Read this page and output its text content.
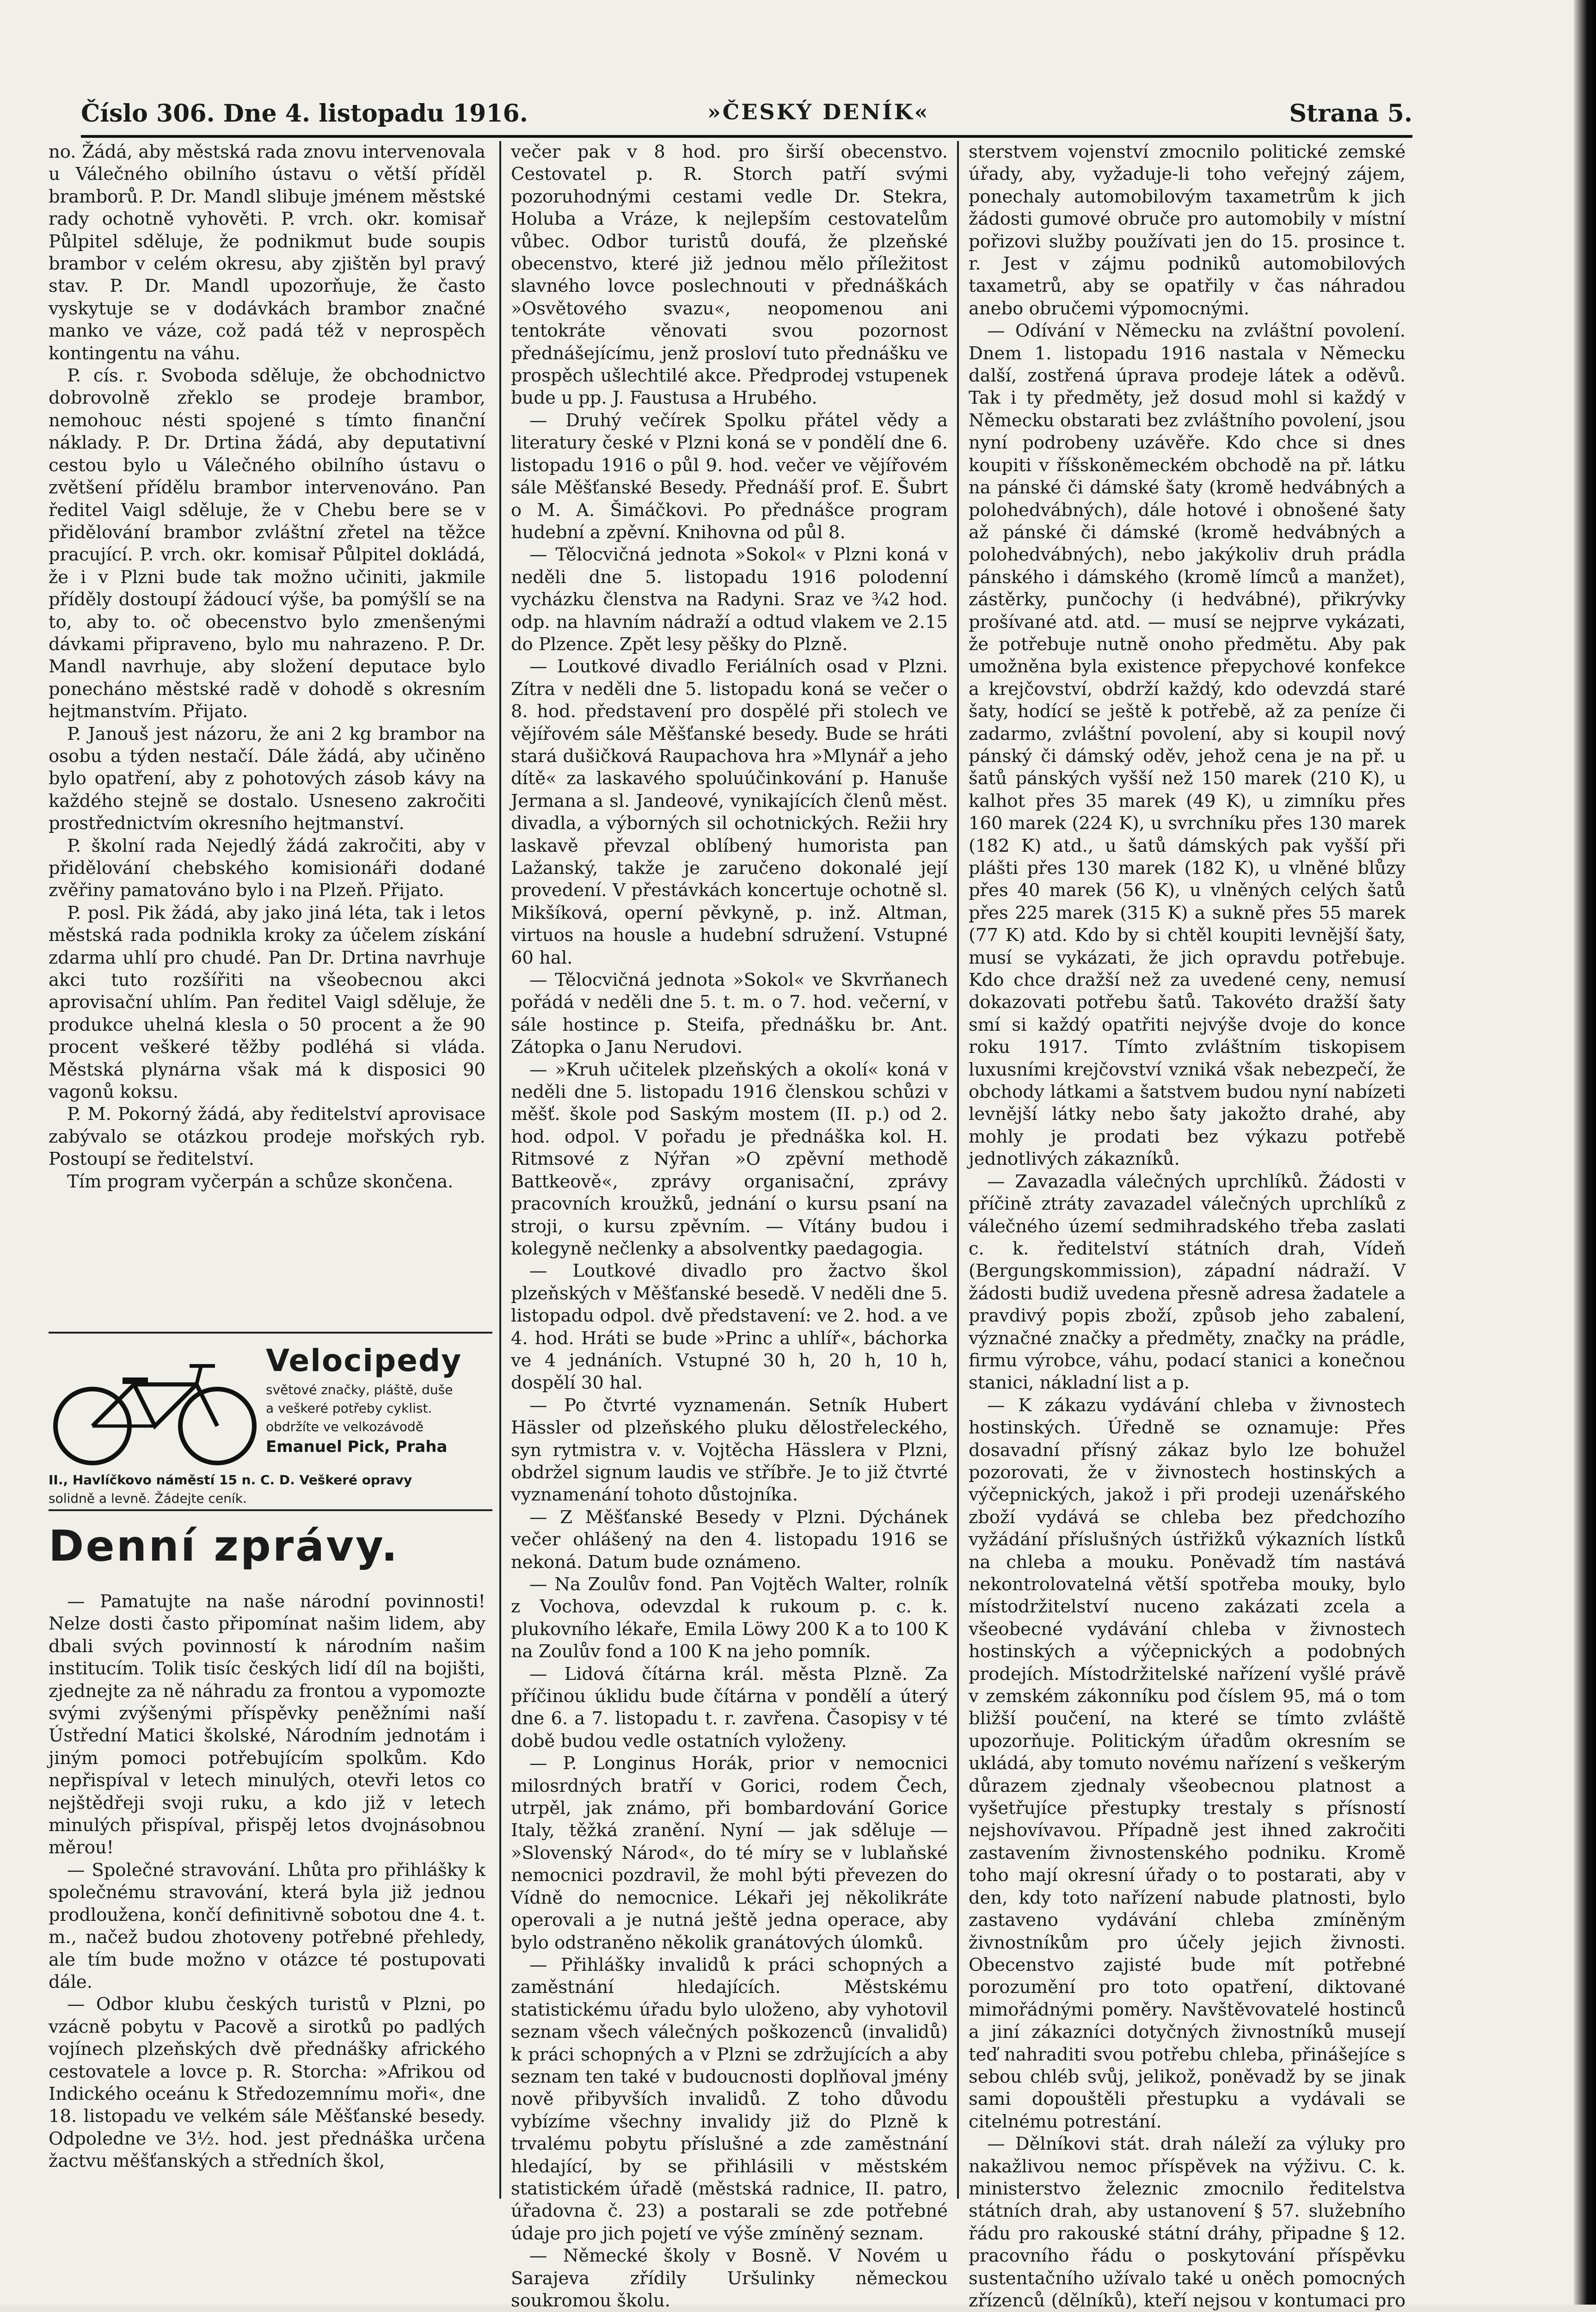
Číslo 306. Dne 4. listopadu 1916.	»ČESKÝ DENÍK«	Strana 5.

no. Žádá, aby městská rada znovu intervenovala u Válečného obilního ústavu o větší příděl bramborů. P. Dr. Mandl slibuje jménem městské rady ochotně vyhověti. P. vrch. okr. komisař Půlpitel sděluje, že podnikmut bude soupis brambor v celém okresu, aby zjištěn byl pravý stav. P. Dr. Mandl upozorňuje, že často vyskytuje se v dodávkách brambor značné manko ve váze, což padá též v neprospěch kontingentu na váhu.

P. cís. r. Svoboda sděluje, že obchodnictvo dobrovolně zřeklo se prodeje brambor, nemohouc nésti spojené s tímto finanční náklady. P. Dr. Drtina žádá, aby deputativní cestou bylo u Válečného obilního ústavu o zvětšení přídělu brambor intervenováno. Pan ředitel Vaigl sděluje, že v Chebu bere se v přidělování brambor zvláštní zřetel na těžce pracující. P. vrch. okr. komisař Půlpitel dokládá, že i v Plzni bude tak možno učiniti, jakmile příděly dostoupí žádoucí výše, ba pomýšlí se na to, aby to. oč obecenstvo bylo zmenšenými dávkami připraveno, bylo mu nahrazeno. P. Dr. Mandl navrhuje, aby složení deputace bylo ponecháno městské radě v dohodě s okresním hejtmanstvím. Přijato.

P. Janouš jest názoru, že ani 2 kg brambor na osobu a týden nestačí. Dále žádá, aby učiněno bylo opatření, aby z pohotových zásob kávy na každého stejně se dostalo. Usneseno zakročiti prostřednictvím okresního hejtmanství.

P. školní rada Nejedlý žádá zakročiti, aby v přidělování chebského komisionáři dodané zvěřiny pamatováno bylo i na Plzeň. Přijato.

P. posl. Pik žádá, aby jako jiná léta, tak i letos městská rada podnikla kroky za účelem získání zdarma uhlí pro chudé. Pan Dr. Drtina navrhuje akci tuto rozšířiti na všeobecnou akci aprovisační uhlím. Pan ředitel Vaigl sděluje, že produkce uhelná klesla o 50 procent a že 90 procent veškeré těžby podléhá si vláda. Městská plynárna však má k disposici 90 vagonů koksu.

P. M. Pokorný žádá, aby ředitelství aprovisace zabývalo se otázkou prodeje mořských ryb. Postoupí se ředitelství.

Tím program vyčerpán a schůze skončena.

Velocipedy
světové značky, pláště, duše
a veškeré potřeby cyklist.
obdržíte ve velkozávodě
Emanuel Pick, Praha
II., Havlíčkovo náměstí 15 n. C. D. Veškeré opravy
solidně a levně. Žádejte ceník.
Denní zprávy.

— Pamatujte na naše národní povinnosti! Nelze dosti často připomínat našim lidem, aby dbali svých povinností k národním našim institucím. Tolik tisíc českých lidí díl na bojišti, zjednejte za ně náhradu za frontou a vypomozte svými zvýšenými příspěvky peněžními naší Ústřední Matici školské, Národním jednotám i jiným pomoci potřebujícím spolkům. Kdo nepřispíval v letech minulých, otevři letos co nejštědřeji svoji ruku, a kdo již v letech minulých přispíval, přispěj letos dvojnásobnou měrou!

— Společné stravování. Lhůta pro přihlášky k společnému stravování, která byla již jednou prodloužena, končí definitivně sobotou dne 4. t. m., načež budou zhotoveny potřebné přehledy, ale tím bude možno v otázce té postupovati dále.

— Odbor klubu českých turistů v Plzni, po vzácně pobytu v Pacově a sirotků po padlých vojínech plzeňských dvě přednášky afrického cestovatele a lovce p. R. Storcha: »Afrikou od Indického oceánu k Středozemnímu moři«, dne 18. listopadu ve velkém sále Měšťanské besedy. Odpoledne ve 3½. hod. jest přednáška určena žactvu měšťanských a středních škol,

večer pak v 8 hod. pro širší obecenstvo. Cestovatel p. R. Storch patří svými pozoruhodnými cestami vedle Dr. Stekra, Holuba a Vráze, k nejlepším cestovatelům vůbec. Odbor turistů doufá, že plzeňské obecenstvo, které již jednou mělo příležitost slavného lovce poslechnouti v přednáškách »Osvětového svazu«, neopomenou ani tentokráte věnovati svou pozornost přednášejícímu, jenž prosloví tuto přednášku ve prospěch ušlechtilé akce. Předprodej vstupenek bude u pp. J. Faustusa a Hrubého.

— Druhý večírek Spolku přátel vědy a literatury české v Plzni koná se v pondělí dne 6. listopadu 1916 o půl 9. hod. večer ve vějířovém sále Měšťanské Besedy. Přednáší prof. E. Šubrt o M. A. Šimáčkovi. Po přednášce program hudební a zpěvní. Knihovna od půl 8.

— Tělocvičná jednota »Sokol« v Plzni koná v neděli dne 5. listopadu 1916 polodenní vycházku členstva na Radyni. Sraz ve ¾2 hod. odp. na hlavním nádraží a odtud vlakem ve 2.15 do Plzence. Zpět lesy pěšky do Plzně.

— Loutkové divadlo Feriálních osad v Plzni. Zítra v neděli dne 5. listopadu koná se večer o 8. hod. představení pro dospělé při stolech ve vějířovém sále Měšťanské besedy. Bude se hráti stará dušičková Raupachova hra »Mlynář a jeho dítě« za laskavého spoluúčinkování p. Hanuše Jermana a sl. Jandeové, vynikajících členů měst. divadla, a výborných sil ochotnických. Režii hry laskavě převzal oblíbený humorista pan Lažanský, takže je zaručeno dokonalé její provedení. V přestávkách koncertuje ochotně sl. Mikšíková, operní pěvkyně, p. inž. Altman, virtuos na housle a hudební sdružení. Vstupné 60 hal.

— Tělocvičná jednota »Sokol« ve Skvrňanech pořádá v neděli dne 5. t. m. o 7. hod. večerní, v sále hostince p. Steifa, přednášku br. Ant. Zátopka o Janu Nerudovi.

— »Kruh učitelek plzeňských a okolí« koná v neděli dne 5. listopadu 1916 členskou schůzi v měšť. škole pod Saským mostem (II. p.) od 2. hod. odpol. V pořadu je přednáška kol. H. Ritmsové z Nýřan »O zpěvní methodě Battkeově«, zprávy organisační, zprávy pracovních kroužků, jednání o kursu psaní na stroji, o kursu zpěvním. — Vítány budou i kolegyně nečlenky a absolventky paedagogia.

— Loutkové divadlo pro žactvo škol plzeňských v Měšťanské besedě. V neděli dne 5. listopadu odpol. dvě představení: ve 2. hod. a ve 4. hod. Hráti se bude »Princ a uhlíř«, báchorka ve 4 jednáních. Vstupné 30 h, 20 h, 10 h, dospělí 30 hal.

— Po čtvrté vyznamenán. Setník Hubert Hässler od plzeňského pluku dělostřeleckého, syn rytmistra v. v. Vojtěcha Hässlera v Plzni, obdržel signum laudis ve stříbře. Je to již čtvrté vyznamenání tohoto důstojníka.

— Z Měšťanské Besedy v Plzni. Dýchánek večer ohlášený na den 4. listopadu 1916 se nekoná. Datum bude oznámeno.

— Na Zoulův fond. Pan Vojtěch Walter, rolník z Vochova, odevzdal k rukoum p. c. k. plukovního lékaře, Emila Löwy 200 K a to 100 K na Zoulův fond a 100 K na jeho pomník.

— Lidová čítárna král. města Plzně. Za příčinou úklidu bude čítárna v pondělí a úterý dne 6. a 7. listopadu t. r. zavřena. Časopisy v té době budou vedle ostatních vyloženy.

— P. Longinus Horák, prior v nemocnici milosrdných bratří v Gorici, rodem Čech, utrpěl, jak známo, při bombardování Gorice Italy, těžká zranění. Nyní — jak sděluje — »Slovenský Národ«, do té míry se v lublaňské nemocnici pozdravil, že mohl býti převezen do Vídně do nemocnice. Lékaři jej několikráte operovali a je nutná ještě jedna operace, aby bylo odstraněno několik granátových úlomků.

— Přihlášky invalidů k práci schopných a zaměstnání hledajících. Městskému statistickému úřadu bylo uloženo, aby vyhotovil seznam všech válečných poškozenců (invalidů) k práci schopných a v Plzni se zdržujících a aby seznam ten také v budoucnosti doplňoval jmény nově přibyvších invalidů. Z toho důvodu vybízíme všechny invalidy již do Plzně k trvalému pobytu příslušné a zde zaměstnání hledající, by se přihlásili v městském statistickém úřadě (městská radnice, II. patro, úřadovna č. 23) a postarali se zde potřebné údaje pro jich pojetí ve výše zmíněný seznam.

— Německé školy v Bosně. V Novém u Sarajeva zřídily Uršulinky německou soukromou školu.

sterstvem vojenství zmocnilo politické zemské úřady, aby, vyžaduje-li toho veřejný zájem, ponechaly automobilovým taxametrům k jich žádosti gumové obruče pro automobily v místní pořizovi služby používati jen do 15. prosince t. r. Jest v zájmu podniků automobilových taxametrů, aby se opatřily v čas náhradou anebo obručemi výpomocnými.

— Odívání v Německu na zvláštní povolení. Dnem 1. listopadu 1916 nastala v Německu další, zostřená úprava prodeje látek a oděvů. Tak i ty předměty, jež dosud mohl si každý v Německu obstarati bez zvláštního povolení, jsou nyní podrobeny uzávěře. Kdo chce si dnes koupiti v říšskoněmeckém obchodě na př. látku na pánské či dámské šaty (kromě hedvábných a polohedvábných), dále hotové i obnošené šaty až pánské či dámské (kromě hedvábných a polohedvábných), nebo jakýkoliv druh prádla pánského i dámského (kromě límců a manžet), zástěrky, punčochy (i hedvábné), přikrývky prošívané atd. atd. — musí se nejprve vykázati, že potřebuje nutně onoho předmětu. Aby pak umožněna byla existence přepychové konfekce a krejčovství, obdrží každý, kdo odevzdá staré šaty, hodící se ještě k potřebě, až za peníze či zadarmo, zvláštní povolení, aby si koupil nový pánský či dámský oděv, jehož cena je na př. u šatů pánských vyšší než 150 marek (210 K), u kalhot přes 35 marek (49 K), u zimníku přes 160 marek (224 K), u svrchníku přes 130 marek (182 K) atd., u šatů dámských pak vyšší při plášti přes 130 marek (182 K), u vlněné blůzy přes 40 marek (56 K), u vlněných celých šatů přes 225 marek (315 K) a sukně přes 55 marek (77 K) atd. Kdo by si chtěl koupiti levnější šaty, musí se vykázati, že jich opravdu potřebuje. Kdo chce dražší než za uvedené ceny, nemusí dokazovati potřebu šatů. Takovéto dražší šaty smí si každý opatřiti nejvýše dvoje do konce roku 1917. Tímto zvláštním tiskopisem luxusními krejčovství vzniká však nebezpečí, že obchody látkami a šatstvem budou nyní nabízeti levnější látky nebo šaty jakožto drahé, aby mohly je prodati bez výkazu potřebě jednotlivých zákazníků.

— Zavazadla válečných uprchlíků. Žádosti v příčině ztráty zavazadel válečných uprchlíků z válečného území sedmihradského třeba zaslati c. k. ředitelství státních drah, Vídeň (Bergungskommission), západní nádraží. V žádosti budiž uvedena přesně adresa žadatele a pravdivý popis zboží, způsob jeho zabalení, význačné značky a předměty, značky na prádle, firmu výrobce, váhu, podací stanici a konečnou stanici, nákladní list a p.

— K zákazu vydávání chleba v živnostech hostinských. Úředně se oznamuje: Přes dosavadní přísný zákaz bylo lze bohužel pozorovati, že v živnostech hostinských a výčepnických, jakož i při prodeji uzenářského zboží vydává se chleba bez předchozího vyžádání příslušných ústřižků výkazních lístků na chleba a mouku. Poněvadž tím nastává nekontrolovatelná větší spotřeba mouky, bylo místodržitelství nuceno zakázati zcela a všeobecné vydávání chleba v živnostech hostinských a výčepnických a podobných prodejích. Místodržitelské nařízení vyšlé právě v zemském zákonníku pod číslem 95, má o tom bližší poučení, na které se tímto zvláště upozorňuje. Politickým úřadům okresním se ukládá, aby tomuto novému nařízení s veškerým důrazem zjednaly všeobecnou platnost a vyšetřujíce přestupky trestaly s přísností nejshovívavou. Případně jest ihned zakročiti zastavením živnostenského podniku. Kromě toho mají okresní úřady o to postarati, aby v den, kdy toto nařízení nabude platnosti, bylo zastaveno vydávání chleba zmíněným živnostníkům pro účely jejich živnosti. Obecenstvo zajisté bude mít potřebné porozumění pro toto opatření, diktované mimořádnými poměry. Navštěvovatelé hostinců a jiní zákazníci dotyčných živnostníků musejí teď nahraditi svou potřebu chleba, přinášejíce s sebou chléb svůj, jelikož, poněvadž by se jinak sami dopouštěli přestupku a vydávali se citelnému potrestání.

— Dělníkovi stát. drah náleží za výluky pro nakažlivou nemoc příspěvek na výživu. C. k. ministerstvo železnic zmocnilo ředitelstva státních drah, aby ustanovení § 57. služebního řádu pro rakouské státní dráhy, připadne § 12. pracovního řádu o poskytování příspěvku sustentačního užívalo také u oněch pomocných zřízenců (dělníků), kteří nejsou v kontumaci pro
